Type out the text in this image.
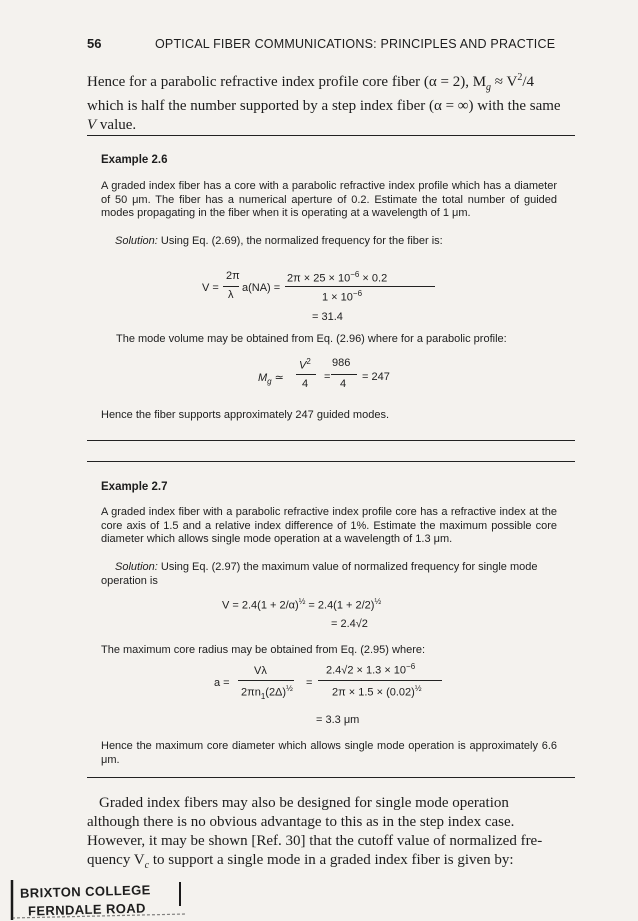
56	OPTICAL FIBER COMMUNICATIONS: PRINCIPLES AND PRACTICE
Hence for a parabolic refractive index profile core fiber (α = 2), $M_g \approx V^2/4$
which is half the number supported by a step index fiber (α = ∞) with the same
V value.
Example 2.6
A graded index fiber has a core with a parabolic refractive index profile which has a diameter of 50 μm. The fiber has a numerical aperture of 0.2. Estimate the total number of guided modes propagating in the fiber when it is operating at a wavelength of 1 μm.
Solution: Using Eq. (2.69), the normalized frequency for the fiber is:
V =
2π
λ
a(NA) =
$2\pi \times 25 \times 10^{-6} \times 0.2$
$1 \times 10^{-6}$
= 31.4
The mode volume may be obtained from Eq. (2.96) where for a parabolic profile:
$M_g$ ≃
$V^2$
4
=
986
4
= 247
Hence the fiber supports approximately 247 guided modes.
Example 2.7
A graded index fiber with a parabolic refractive index profile core has a refractive index at the core axis of 1.5 and a relative index difference of 1%. Estimate the maximum possible core diameter which allows single mode operation at a wavelength of 1.3 μm.
Solution: Using Eq. (2.97) the maximum value of normalized frequency for single mode operation is
$V = 2.4(1 + 2/\alpha)^{\frac{1}{2}} = 2.4(1 + 2/2)^{\frac{1}{2}}$
= 2.4√2
The maximum core radius may be obtained from Eq. (2.95) where:
a =
Vλ
$2\pi n_1(2\Delta)^{\frac{1}{2}}$ =
$2.4√2 \times 1.3 \times 10^{-6}$
$2\pi \times 1.5 \times (0.02)^{\frac{1}{2}}$
= 3.3 μm
Hence the maximum core diameter which allows single mode operation is approximately 6.6 μm.
Graded index fibers may also be designed for single mode operation
although there is no obvious advantage to this as in the step index case.
However, it may be shown [Ref. 30] that the cutoff value of normalized fre-
quency $V_c$ to support a single mode in a graded index fiber is given by:
BRIXTON COLLEGE
FERNDALE ROAD
